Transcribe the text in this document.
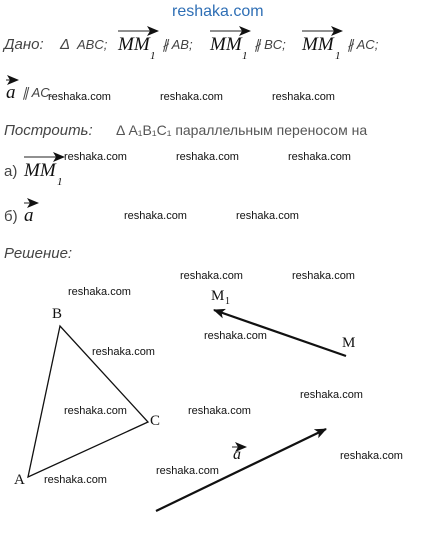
reshaka.com
Дано: Δ ABC; MM
1
∦ AB; MM
1
∦ BC; MM
1
∦ AC;
a ∥ AC.
Построить: Δ A₁B₁C₁ параллельным переносом на
а) MM
1
б) a
Решение:
B
A
C
M
M 1
a
reshaka.com	reshaka.com	reshaka.com
reshaka.com	reshaka.com	reshaka.com
reshaka.com	reshaka.com
reshaka.com	reshaka.com
reshaka.com
reshaka.com
reshaka.com
reshaka.com
reshaka.com	reshaka.com
reshaka.com
reshaka.com
reshaka.com
